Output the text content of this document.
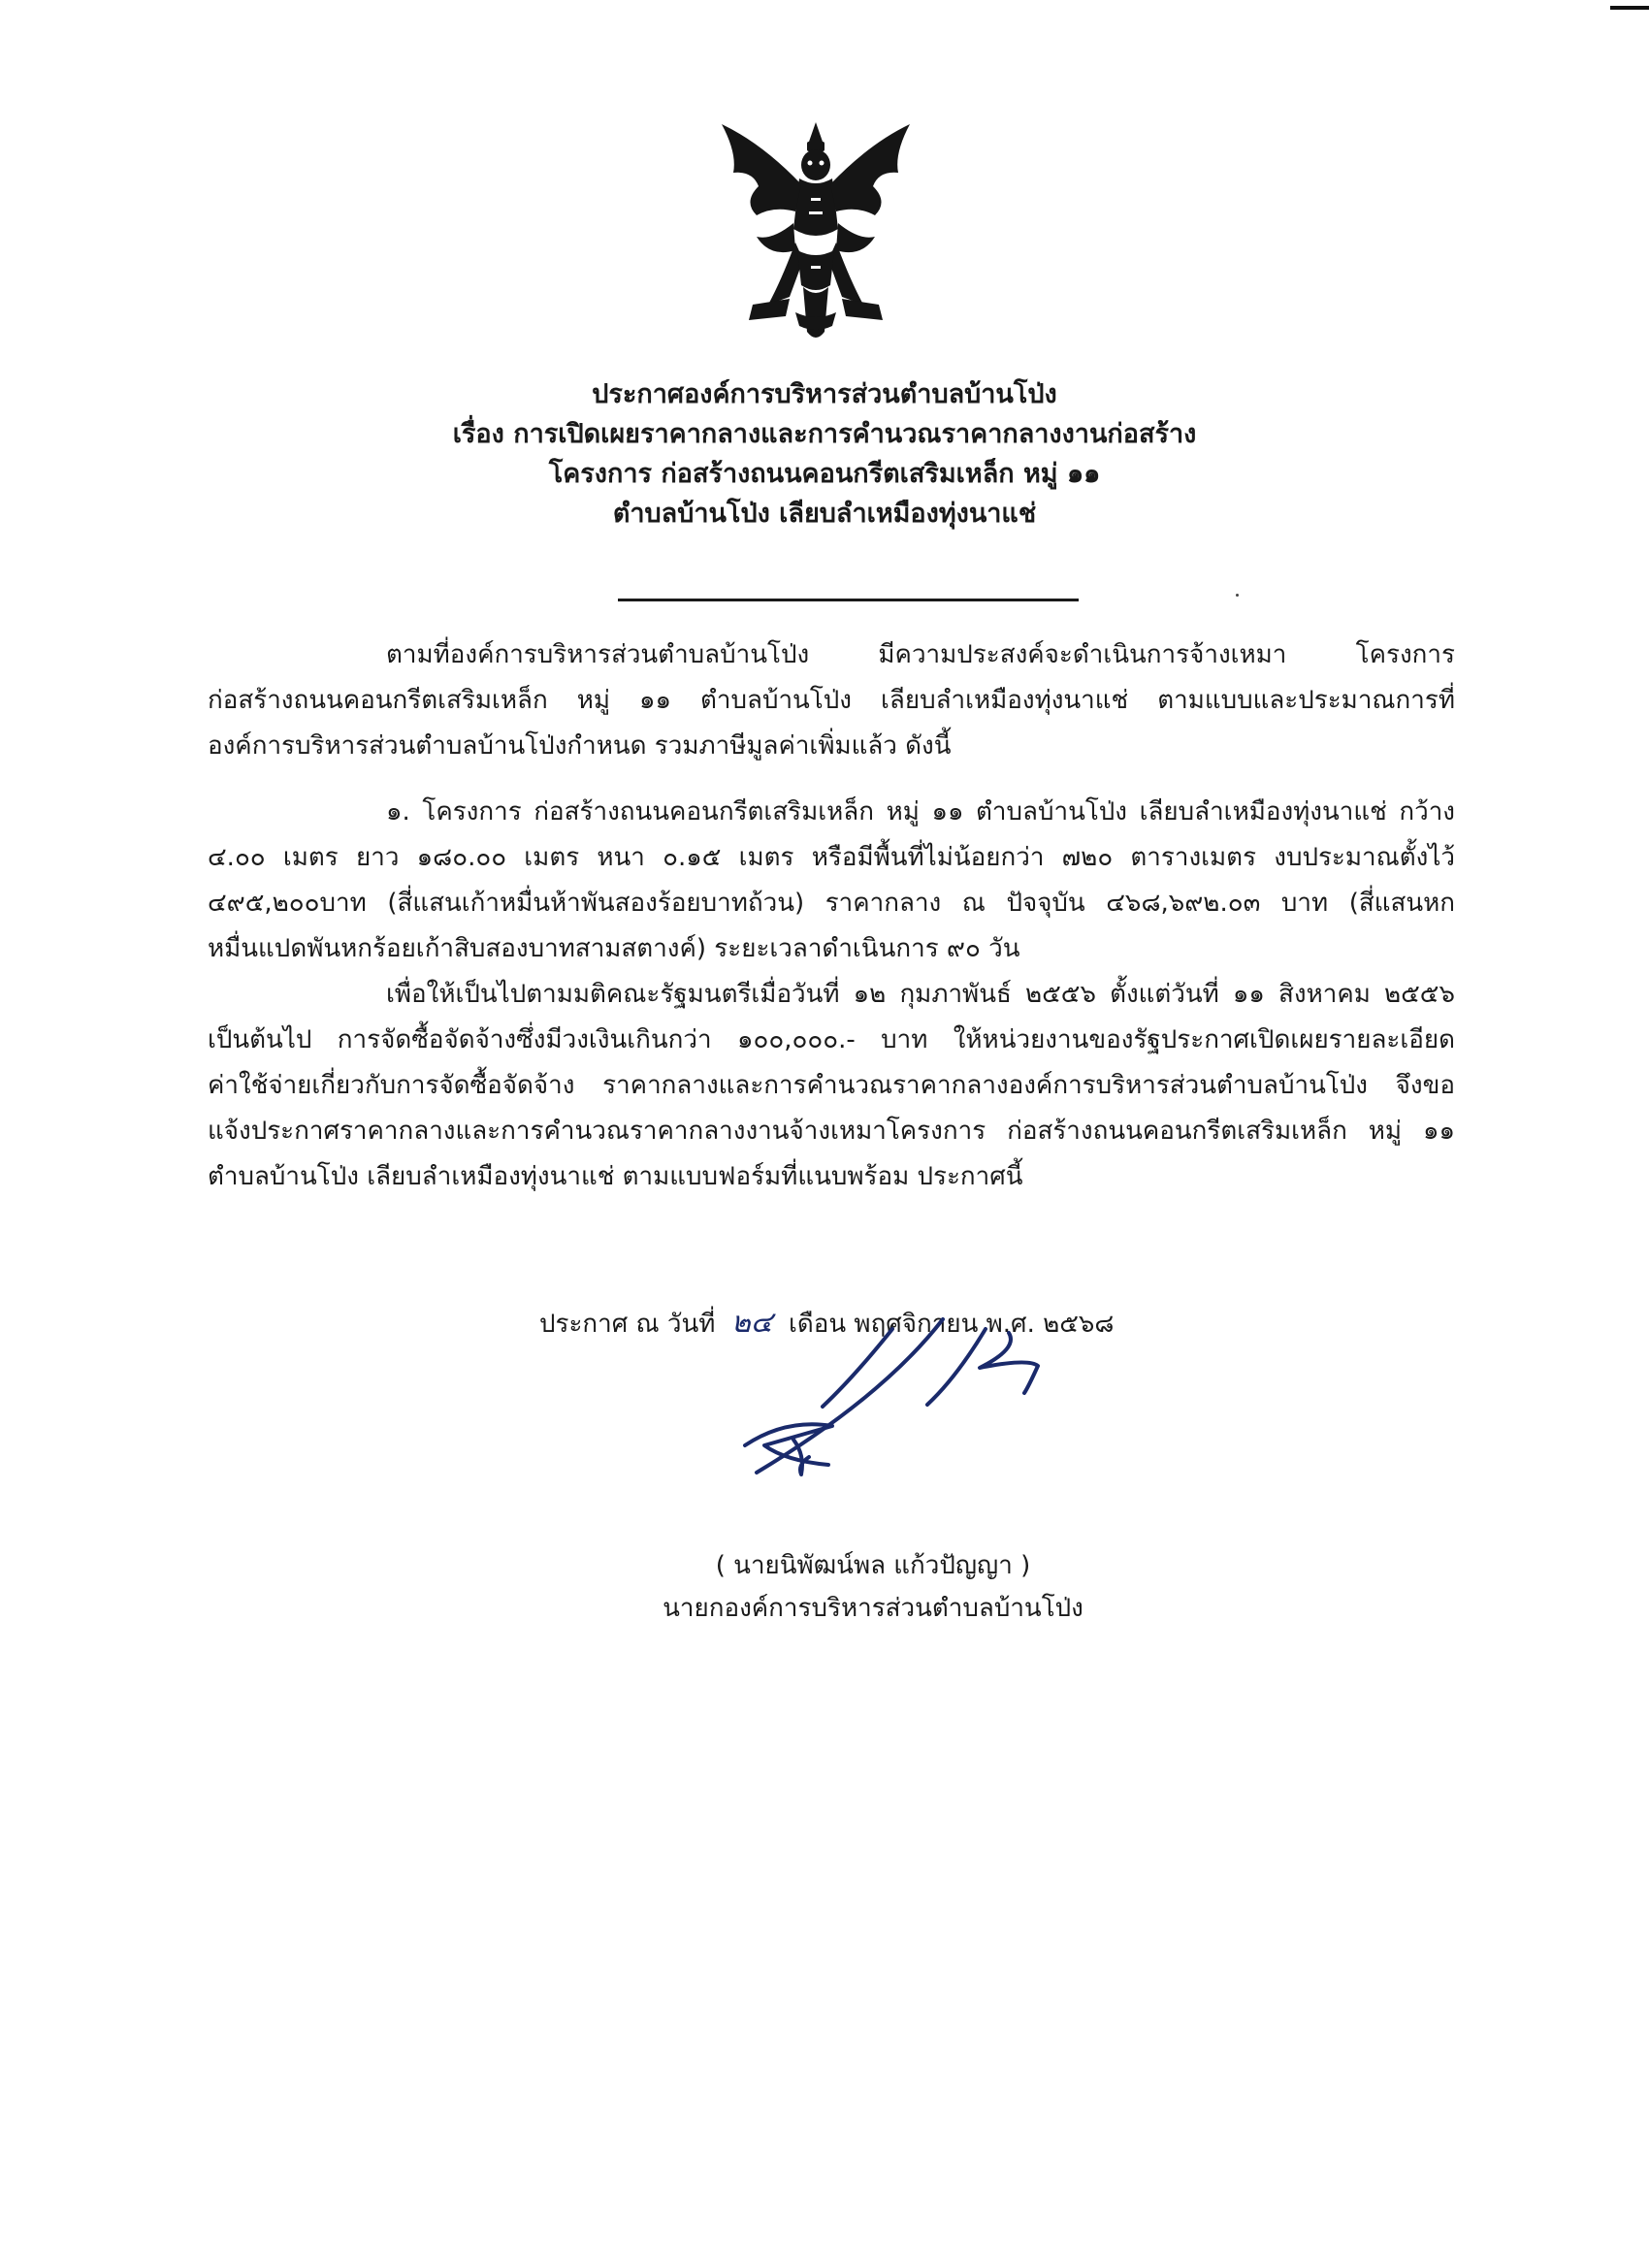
ประกาศองค์การบริหารส่วนตำบลบ้านโป่ง
เรื่อง การเปิดเผยราคากลางและการคำนวณราคากลางงานก่อสร้าง
โครงการ ก่อสร้างถนนคอนกรีตเสริมเหล็ก หมู่ ๑๑
ตำบลบ้านโป่ง เลียบลำเหมืองทุ่งนาแช่
ตามที่องค์การบริหารส่วนตำบลบ้านโป่ง มีความประสงค์จะดำเนินการจ้างเหมา โครงการ
ก่อสร้างถนนคอนกรีตเสริมเหล็ก หมู่ ๑๑ ตำบลบ้านโป่ง เลียบลำเหมืองทุ่งนาแช่ ตามแบบและประมาณการที่
องค์การบริหารส่วนตำบลบ้านโป่งกำหนด รวมภาษีมูลค่าเพิ่มแล้ว ดังนี้
๑. โครงการ ก่อสร้างถนนคอนกรีตเสริมเหล็ก หมู่ ๑๑ ตำบลบ้านโป่ง เลียบลำเหมืองทุ่งนาแช่ กว้าง
๔.๐๐ เมตร ยาว ๑๘๐.๐๐ เมตร หนา ๐.๑๕ เมตร หรือมีพื้นที่ไม่น้อยกว่า ๗๒๐ ตารางเมตร งบประมาณตั้งไว้
๔๙๕,๒๐๐บาท (สี่แสนเก้าหมื่นห้าพันสองร้อยบาทถ้วน) ราคากลาง ณ ปัจจุบัน ๔๖๘,๖๙๒.๐๓ บาท (สี่แสนหก
หมื่นแปดพันหกร้อยเก้าสิบสองบาทสามสตางค์) ระยะเวลาดำเนินการ ๙๐ วัน
เพื่อให้เป็นไปตามมติคณะรัฐมนตรีเมื่อวันที่ ๑๒ กุมภาพันธ์ ๒๕๕๖ ตั้งแต่วันที่ ๑๑ สิงหาคม ๒๕๕๖
เป็นต้นไป การจัดซื้อจัดจ้างซึ่งมีวงเงินเกินกว่า ๑๐๐,๐๐๐.- บาท ให้หน่วยงานของรัฐประกาศเปิดเผยรายละเอียด
ค่าใช้จ่ายเกี่ยวกับการจัดซื้อจัดจ้าง ราคากลางและการคำนวณราคากลางองค์การบริหารส่วนตำบลบ้านโป่ง จึงขอ
แจ้งประกาศราคากลางและการคำนวณราคากลางงานจ้างเหมาโครงการ ก่อสร้างถนนคอนกรีตเสริมเหล็ก หมู่ ๑๑
ตำบลบ้านโป่ง เลียบลำเหมืองทุ่งนาแช่ ตามแบบฟอร์มที่แนบพร้อม ประกาศนี้
ประกาศ ณ วันที่ ๒๔ เดือน พฤศจิกายน พ.ศ. ๒๕๖๘
( นายนิพัฒน์พล แก้วปัญญา )
นายกองค์การบริหารส่วนตำบลบ้านโป่ง
